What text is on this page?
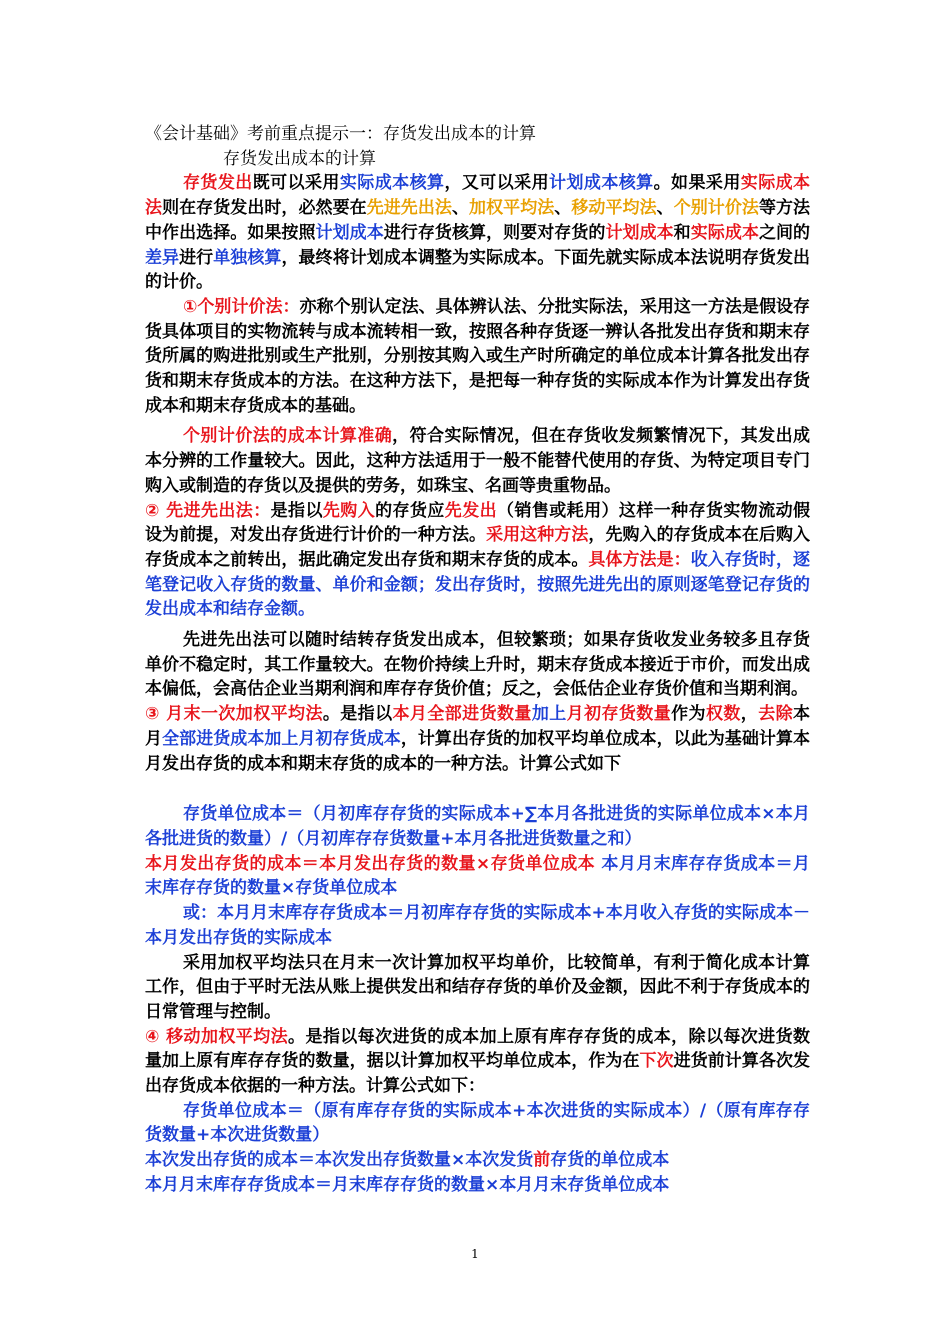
《会计基础》考前重点提示一：存货发出成本的计算

存货发出成本的计算

存货发出既可以采用实际成本核算，又可以采用计划成本核算。如果采用实际成本法则在存货发出时，必然要在先进先出法、加权平均法、移动平均法、个别计价法等方法中作出选择。如果按照计划成本进行存货核算，则要对存货的计划成本和实际成本之间的差异进行单独核算，最终将计划成本调整为实际成本。下面先就实际成本法说明存货发出的计价。

①个别计价法：亦称个别认定法、具体辨认法、分批实际法，采用这一方法是假设存货具体项目的实物流转与成本流转相一致，按照各种存货逐一辨认各批发出存货和期末存货所属的购进批别或生产批别，分别按其购入或生产时所确定的单位成本计算各批发出存货和期末存货成本的方法。在这种方法下，是把每一种存货的实际成本作为计算发出存货成本和期末存货成本的基础。

个别计价法的成本计算准确，符合实际情况，但在存货收发频繁情况下，其发出成本分辨的工作量较大。因此，这种方法适用于一般不能替代使用的存货、为特定项目专门购入或制造的存货以及提供的劳务，如珠宝、名画等贵重物品。

② 先进先出法：是指以先购入的存货应先发出（销售或耗用）这样一种存货实物流动假设为前提，对发出存货进行计价的一种方法。采用这种方法，先购入的存货成本在后购入存货成本之前转出，据此确定发出存货和期末存货的成本。具体方法是：收入存货时，逐笔登记收入存货的数量、单价和金额；发出存货时，按照先进先出的原则逐笔登记存货的发出成本和结存金额。

先进先出法可以随时结转存货发出成本，但较繁琐；如果存货收发业务较多且存货单价不稳定时，其工作量较大。在物价持续上升时，期末存货成本接近于市价，而发出成本偏低，会高估企业当期利润和库存存货价值；反之，会低估企业存货价值和当期利润。

③ 月末一次加权平均法。是指以本月全部进货数量加上月初存货数量作为权数，去除本月全部进货成本加上月初存货成本，计算出存货的加权平均单位成本，以此为基础计算本月发出存货的成本和期末存货的成本的一种方法。计算公式如下

存货单位成本＝（月初库存存货的实际成本+∑本月各批进货的实际单位成本×本月各批进货的数量）/（月初库存存货数量+本月各批进货数量之和）

本月发出存货的成本＝本月发出存货的数量×存货单位成本 本月月末库存存货成本＝月末库存存货的数量×存货单位成本

或：本月月末库存存货成本＝月初库存存货的实际成本+本月收入存货的实际成本－本月发出存货的实际成本

采用加权平均法只在月末一次计算加权平均单价，比较简单，有利于简化成本计算工作，但由于平时无法从账上提供发出和结存存货的单价及金额，因此不利于存货成本的日常管理与控制。

④ 移动加权平均法。是指以每次进货的成本加上原有库存存货的成本，除以每次进货数量加上原有库存存货的数量，据以计算加权平均单位成本，作为在下次进货前计算各次发出存货成本依据的一种方法。计算公式如下：

存货单位成本＝（原有库存存货的实际成本+本次进货的实际成本）/（原有库存存货数量+本次进货数量）

本次发出存货的成本＝本次发出存货数量×本次发货前存货的单位成本

本月月末库存存货成本＝月末库存存货的数量×本月月末存货单位成本

1
